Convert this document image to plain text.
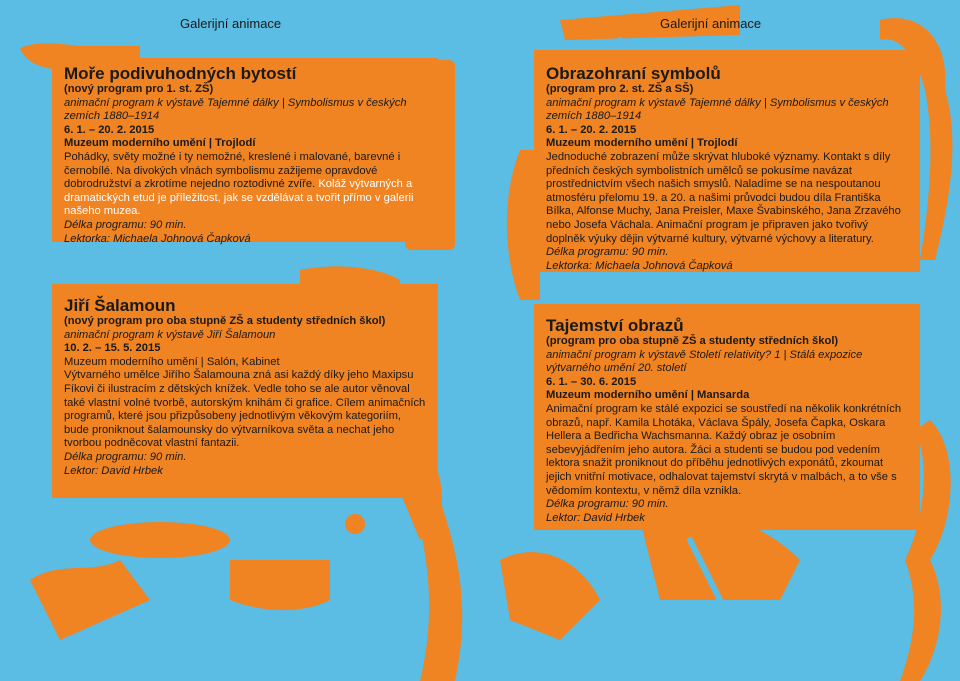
Galerijní animace	Galerijní animace
Moře podivuhodných bytostí

(nový program pro 1. st. ZŠ)

animační program k výstavě Tajemné dálky | Symbolismus v českých zemích 1880–1914

6. 1. – 20. 2. 2015

Muzeum moderního umění | Trojlodí

Pohádky, světy možné i ty nemožné, kreslené i malované, barevné i černobílé. Na divokých vlnách symbolismu zažijeme opravdové dobrodružství a zkrotíme nejedno roztodivné zvíře. Koláž výtvarných a dramatických etud je příležitost, jak se vzdělávat a tvořit přímo v galerii našeho muzea.

Délka programu: 90 min.

Lektorka: Michaela Johnová Čapková

Obrazohraní symbolů

(program pro 2. st. ZŠ a SŠ)

animační program k výstavě Tajemné dálky | Symbolismus v českých zemích 1880–1914

6. 1. – 20. 2. 2015

Muzeum moderního umění | Trojlodí

Jednoduché zobrazení může skrývat hluboké významy. Kontakt s díly předních českých symbolistních umělců se pokusíme navázat prostřednictvím všech našich smyslů. Naladíme se na nespoutanou atmosféru přelomu 19. a 20. a našimi průvodci budou díla Františka Bílka, Alfonse Muchy, Jana Preisler, Maxe Švabinského, Jana Zrzavého nebo Josefa Váchala. Animační program je připraven jako tvořivý doplněk výuky dějin výtvarné kultury, výtvarné výchovy a literatury.

Délka programu: 90 min.

Lektorka: Michaela Johnová Čapková

Jiří Šalamoun

(nový program pro oba stupně ZŠ a studenty středních škol)

animační program k výstavě Jiří Šalamoun

10. 2. – 15. 5. 2015

Muzeum moderního umění | Salón, Kabinet

Výtvarného umělce Jiřího Šalamouna zná asi každý díky jeho Maxipsu Fíkovi či ilustracím z dětských knížek. Vedle toho se ale autor věnoval také vlastní volné tvorbě, autorským knihám či grafice. Cílem animačních programů, které jsou přizpůsobeny jednotlivým věkovým kategoriím, bude proniknout šalamounsky do výtvarníkova světa a nechat jeho tvorbou podněcovat vlastní fantazii.

Délka programu: 90 min.

Lektor: David Hrbek

Tajemství obrazů

(program pro oba stupně ZŠ a studenty středních škol)

animační program k výstavě Století relativity? 1 | Stálá expozice výtvarného umění 20. století

6. 1. – 30. 6. 2015

Muzeum moderního umění | Mansarda

Animační program ke stálé expozici se soustředí na několik konkrétních obrazů, např. Kamila Lhotáka, Václava Špály, Josefa Čapka, Oskara Hellera a Bedřicha Wachsmanna. Každý obraz je osobním sebevyjádřením jeho autora. Žáci a studenti se budou pod vedením lektora snažit proniknout do příběhu jednotlivých exponátů, zkoumat jejich vnitřní motivace, odhalovat tajemství skrytá v malbách, a to vše s vědomím kontextu, v němž díla vznikla.

Délka programu: 90 min.

Lektor: David Hrbek
